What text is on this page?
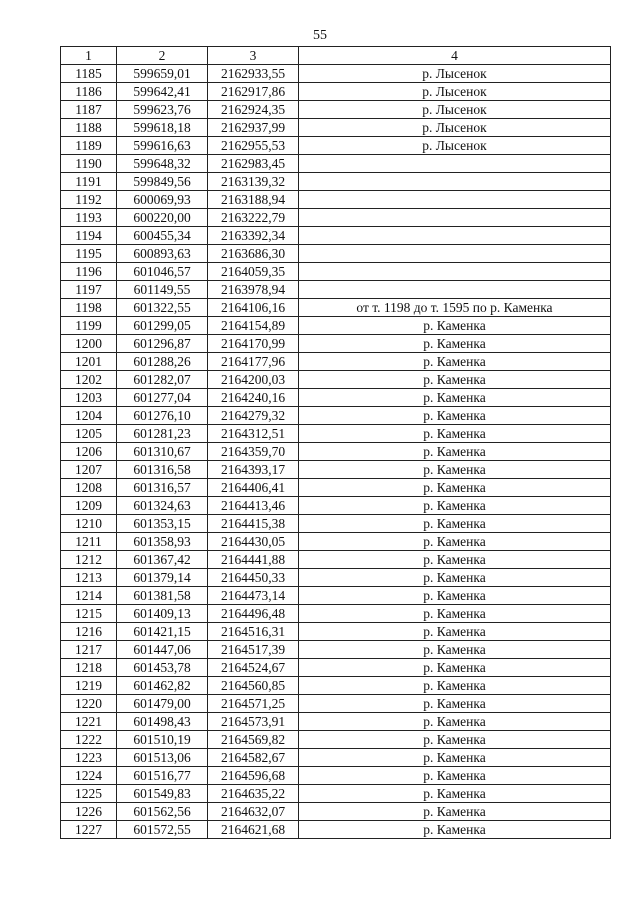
55
1	2	3	4
1185	599659,01	2162933,55	р. Лысенок
1186	599642,41	2162917,86	р. Лысенок
1187	599623,76	2162924,35	р. Лысенок
1188	599618,18	2162937,99	р. Лысенок
1189	599616,63	2162955,53	р. Лысенок
1190	599648,32	2162983,45	
1191	599849,56	2163139,32	
1192	600069,93	2163188,94	
1193	600220,00	2163222,79	
1194	600455,34	2163392,34	
1195	600893,63	2163686,30	
1196	601046,57	2164059,35	
1197	601149,55	2163978,94	
1198	601322,55	2164106,16	от т. 1198 до т. 1595 по р. Каменка
1199	601299,05	2164154,89	р. Каменка
1200	601296,87	2164170,99	р. Каменка
1201	601288,26	2164177,96	р. Каменка
1202	601282,07	2164200,03	р. Каменка
1203	601277,04	2164240,16	р. Каменка
1204	601276,10	2164279,32	р. Каменка
1205	601281,23	2164312,51	р. Каменка
1206	601310,67	2164359,70	р. Каменка
1207	601316,58	2164393,17	р. Каменка
1208	601316,57	2164406,41	р. Каменка
1209	601324,63	2164413,46	р. Каменка
1210	601353,15	2164415,38	р. Каменка
1211	601358,93	2164430,05	р. Каменка
1212	601367,42	2164441,88	р. Каменка
1213	601379,14	2164450,33	р. Каменка
1214	601381,58	2164473,14	р. Каменка
1215	601409,13	2164496,48	р. Каменка
1216	601421,15	2164516,31	р. Каменка
1217	601447,06	2164517,39	р. Каменка
1218	601453,78	2164524,67	р. Каменка
1219	601462,82	2164560,85	р. Каменка
1220	601479,00	2164571,25	р. Каменка
1221	601498,43	2164573,91	р. Каменка
1222	601510,19	2164569,82	р. Каменка
1223	601513,06	2164582,67	р. Каменка
1224	601516,77	2164596,68	р. Каменка
1225	601549,83	2164635,22	р. Каменка
1226	601562,56	2164632,07	р. Каменка
1227	601572,55	2164621,68	р. Каменка
